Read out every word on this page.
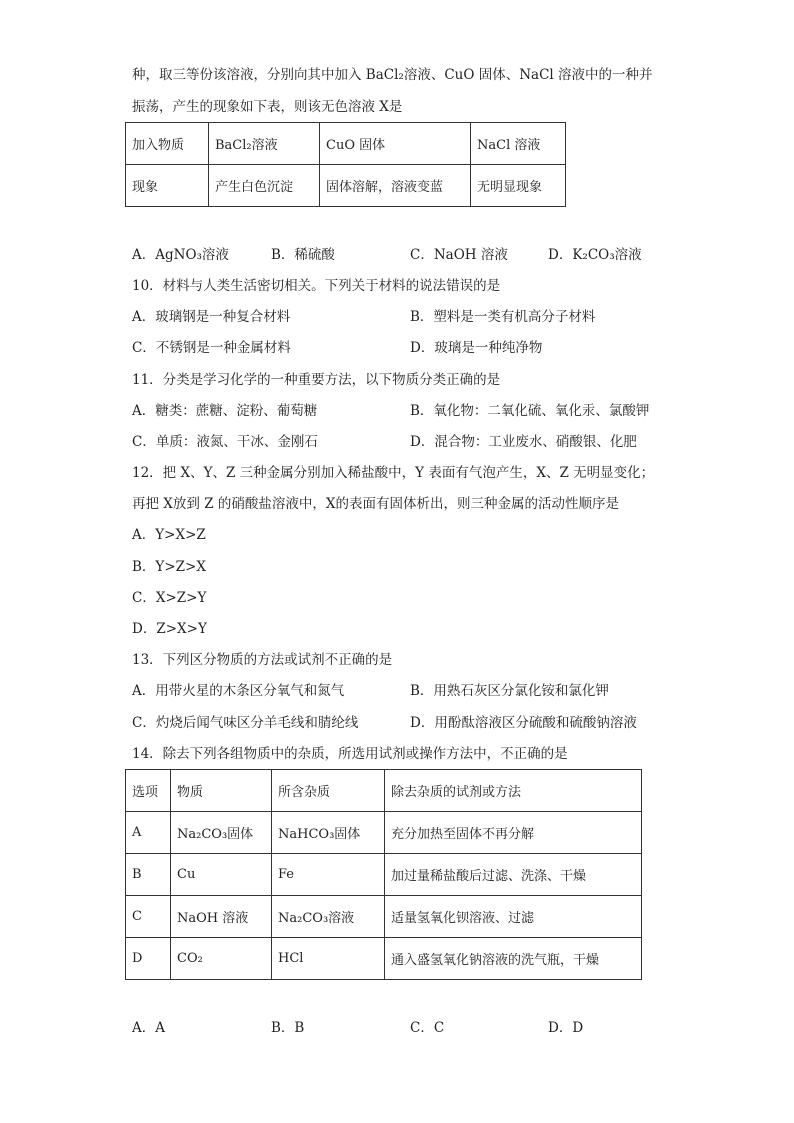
种，取三等份该溶液，分别向其中加入 BaCl₂溶液、CuO 固体、NaCl 溶液中的一种并
振荡，产生的现象如下表，则该无色溶液 X是
加入物质	BaCl₂溶液	CuO 固体	NaCl 溶液
现象	产生白色沉淀	固体溶解，溶液变蓝	无明显现象
A．AgNO₃溶液	B．稀硫酸	C．NaOH 溶液	D．K₂CO₃溶液
10．材料与人类生活密切相关。下列关于材料的说法错误的是
A．玻璃钢是一种复合材料	B．塑料是一类有机高分子材料
C．不锈钢是一种金属材料	D．玻璃是一种纯净物
11．分类是学习化学的一种重要方法，以下物质分类正确的是
A．糖类：蔗糖、淀粉、葡萄糖	B．氧化物：二氧化硫、氧化汞、氯酸钾
C．单质：液氮、干冰、金刚石	D．混合物：工业废水、硝酸银、化肥
12．把 X、Y、Z 三种金属分别加入稀盐酸中，Y 表面有气泡产生，X、Z 无明显变化；
再把 X放到 Z 的硝酸盐溶液中，X的表面有固体析出，则三种金属的活动性顺序是
A．Y>X>Z
B．Y>Z>X
C．X>Z>Y
D．Z>X>Y
13．下列区分物质的方法或试剂不正确的是
A．用带火星的木条区分氧气和氮气	B．用熟石灰区分氯化铵和氯化钾
C．灼烧后闻气味区分羊毛线和腈纶线	D．用酚酞溶液区分硫酸和硫酸钠溶液
14．除去下列各组物质中的杂质，所选用试剂或操作方法中，不正确的是
选项	物质	所含杂质	除去杂质的试剂或方法
A	Na₂CO₃固体	NaHCO₃固体	充分加热至固体不再分解
B	Cu	Fe	加过量稀盐酸后过滤、洗涤、干燥
C	NaOH 溶液	Na₂CO₃溶液	适量氢氧化钡溶液、过滤
D	CO₂	HCl	通入盛氢氧化钠溶液的洗气瓶，干燥
A．A	B．B	C．C	D．D
